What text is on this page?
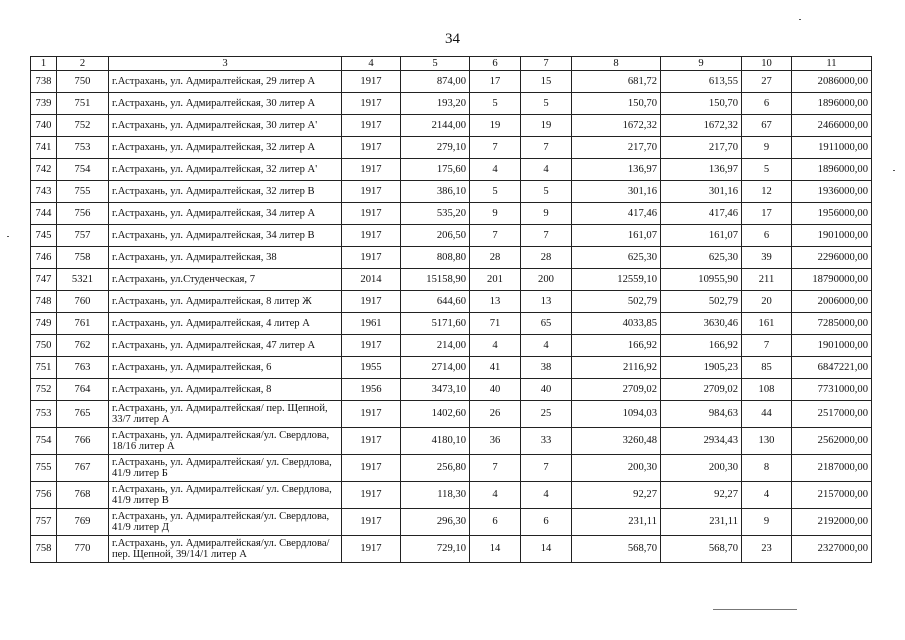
34
1	2	3	4	5	6	7	8	9	10	11
738	750	г.Астрахань, ул. Адмиралтейская, 29 литер А	1917	874,00	17	15	681,72	613,55	27	2086000,00
739	751	г.Астрахань, ул. Адмиралтейская, 30 литер А	1917	193,20	5	5	150,70	150,70	6	1896000,00
740	752	г.Астрахань, ул. Адмиралтейская, 30 литер А'	1917	2144,00	19	19	1672,32	1672,32	67	2466000,00
741	753	г.Астрахань, ул. Адмиралтейская, 32 литер А	1917	279,10	7	7	217,70	217,70	9	1911000,00
742	754	г.Астрахань, ул. Адмиралтейская, 32 литер А'	1917	175,60	4	4	136,97	136,97	5	1896000,00
743	755	г.Астрахань, ул. Адмиралтейская, 32 литер В	1917	386,10	5	5	301,16	301,16	12	1936000,00
744	756	г.Астрахань, ул. Адмиралтейская, 34 литер А	1917	535,20	9	9	417,46	417,46	17	1956000,00
745	757	г.Астрахань, ул. Адмиралтейская, 34 литер В	1917	206,50	7	7	161,07	161,07	6	1901000,00
746	758	г.Астрахань, ул. Адмиралтейская, 38	1917	808,80	28	28	625,30	625,30	39	2296000,00
747	5321	г.Астрахань, ул.Студенческая, 7	2014	15158,90	201	200	12559,10	10955,90	211	18790000,00
748	760	г.Астрахань, ул. Адмиралтейская, 8 литер Ж	1917	644,60	13	13	502,79	502,79	20	2006000,00
749	761	г.Астрахань, ул. Адмиралтейская, 4 литер А	1961	5171,60	71	65	4033,85	3630,46	161	7285000,00
750	762	г.Астрахань, ул. Адмиралтейская, 47 литер А	1917	214,00	4	4	166,92	166,92	7	1901000,00
751	763	г.Астрахань, ул. Адмиралтейская, 6	1955	2714,00	41	38	2116,92	1905,23	85	6847221,00
752	764	г.Астрахань, ул. Адмиралтейская, 8	1956	3473,10	40	40	2709,02	2709,02	108	7731000,00
753	765	г.Астрахань, ул. Адмиралтейская/ пер. Щепной, 33/7 литер А	1917	1402,60	26	25	1094,03	984,63	44	2517000,00
754	766	г.Астрахань, ул. Адмиралтейская/ул. Свердлова, 18/16 литер А	1917	4180,10	36	33	3260,48	2934,43	130	2562000,00
755	767	г.Астрахань, ул. Адмиралтейская/ ул. Свердлова, 41/9 литер Б	1917	256,80	7	7	200,30	200,30	8	2187000,00
756	768	г.Астрахань, ул. Адмиралтейская/ ул. Свердлова, 41/9 литер В	1917	118,30	4	4	92,27	92,27	4	2157000,00
757	769	г.Астрахань, ул. Адмиралтейская/ул. Свердлова, 41/9 литер Д	1917	296,30	6	6	231,11	231,11	9	2192000,00
758	770	г.Астрахань, ул. Адмиралтейская/ул. Свердлова/ пер. Щепной, 39/14/1 литер А	1917	729,10	14	14	568,70	568,70	23	2327000,00
